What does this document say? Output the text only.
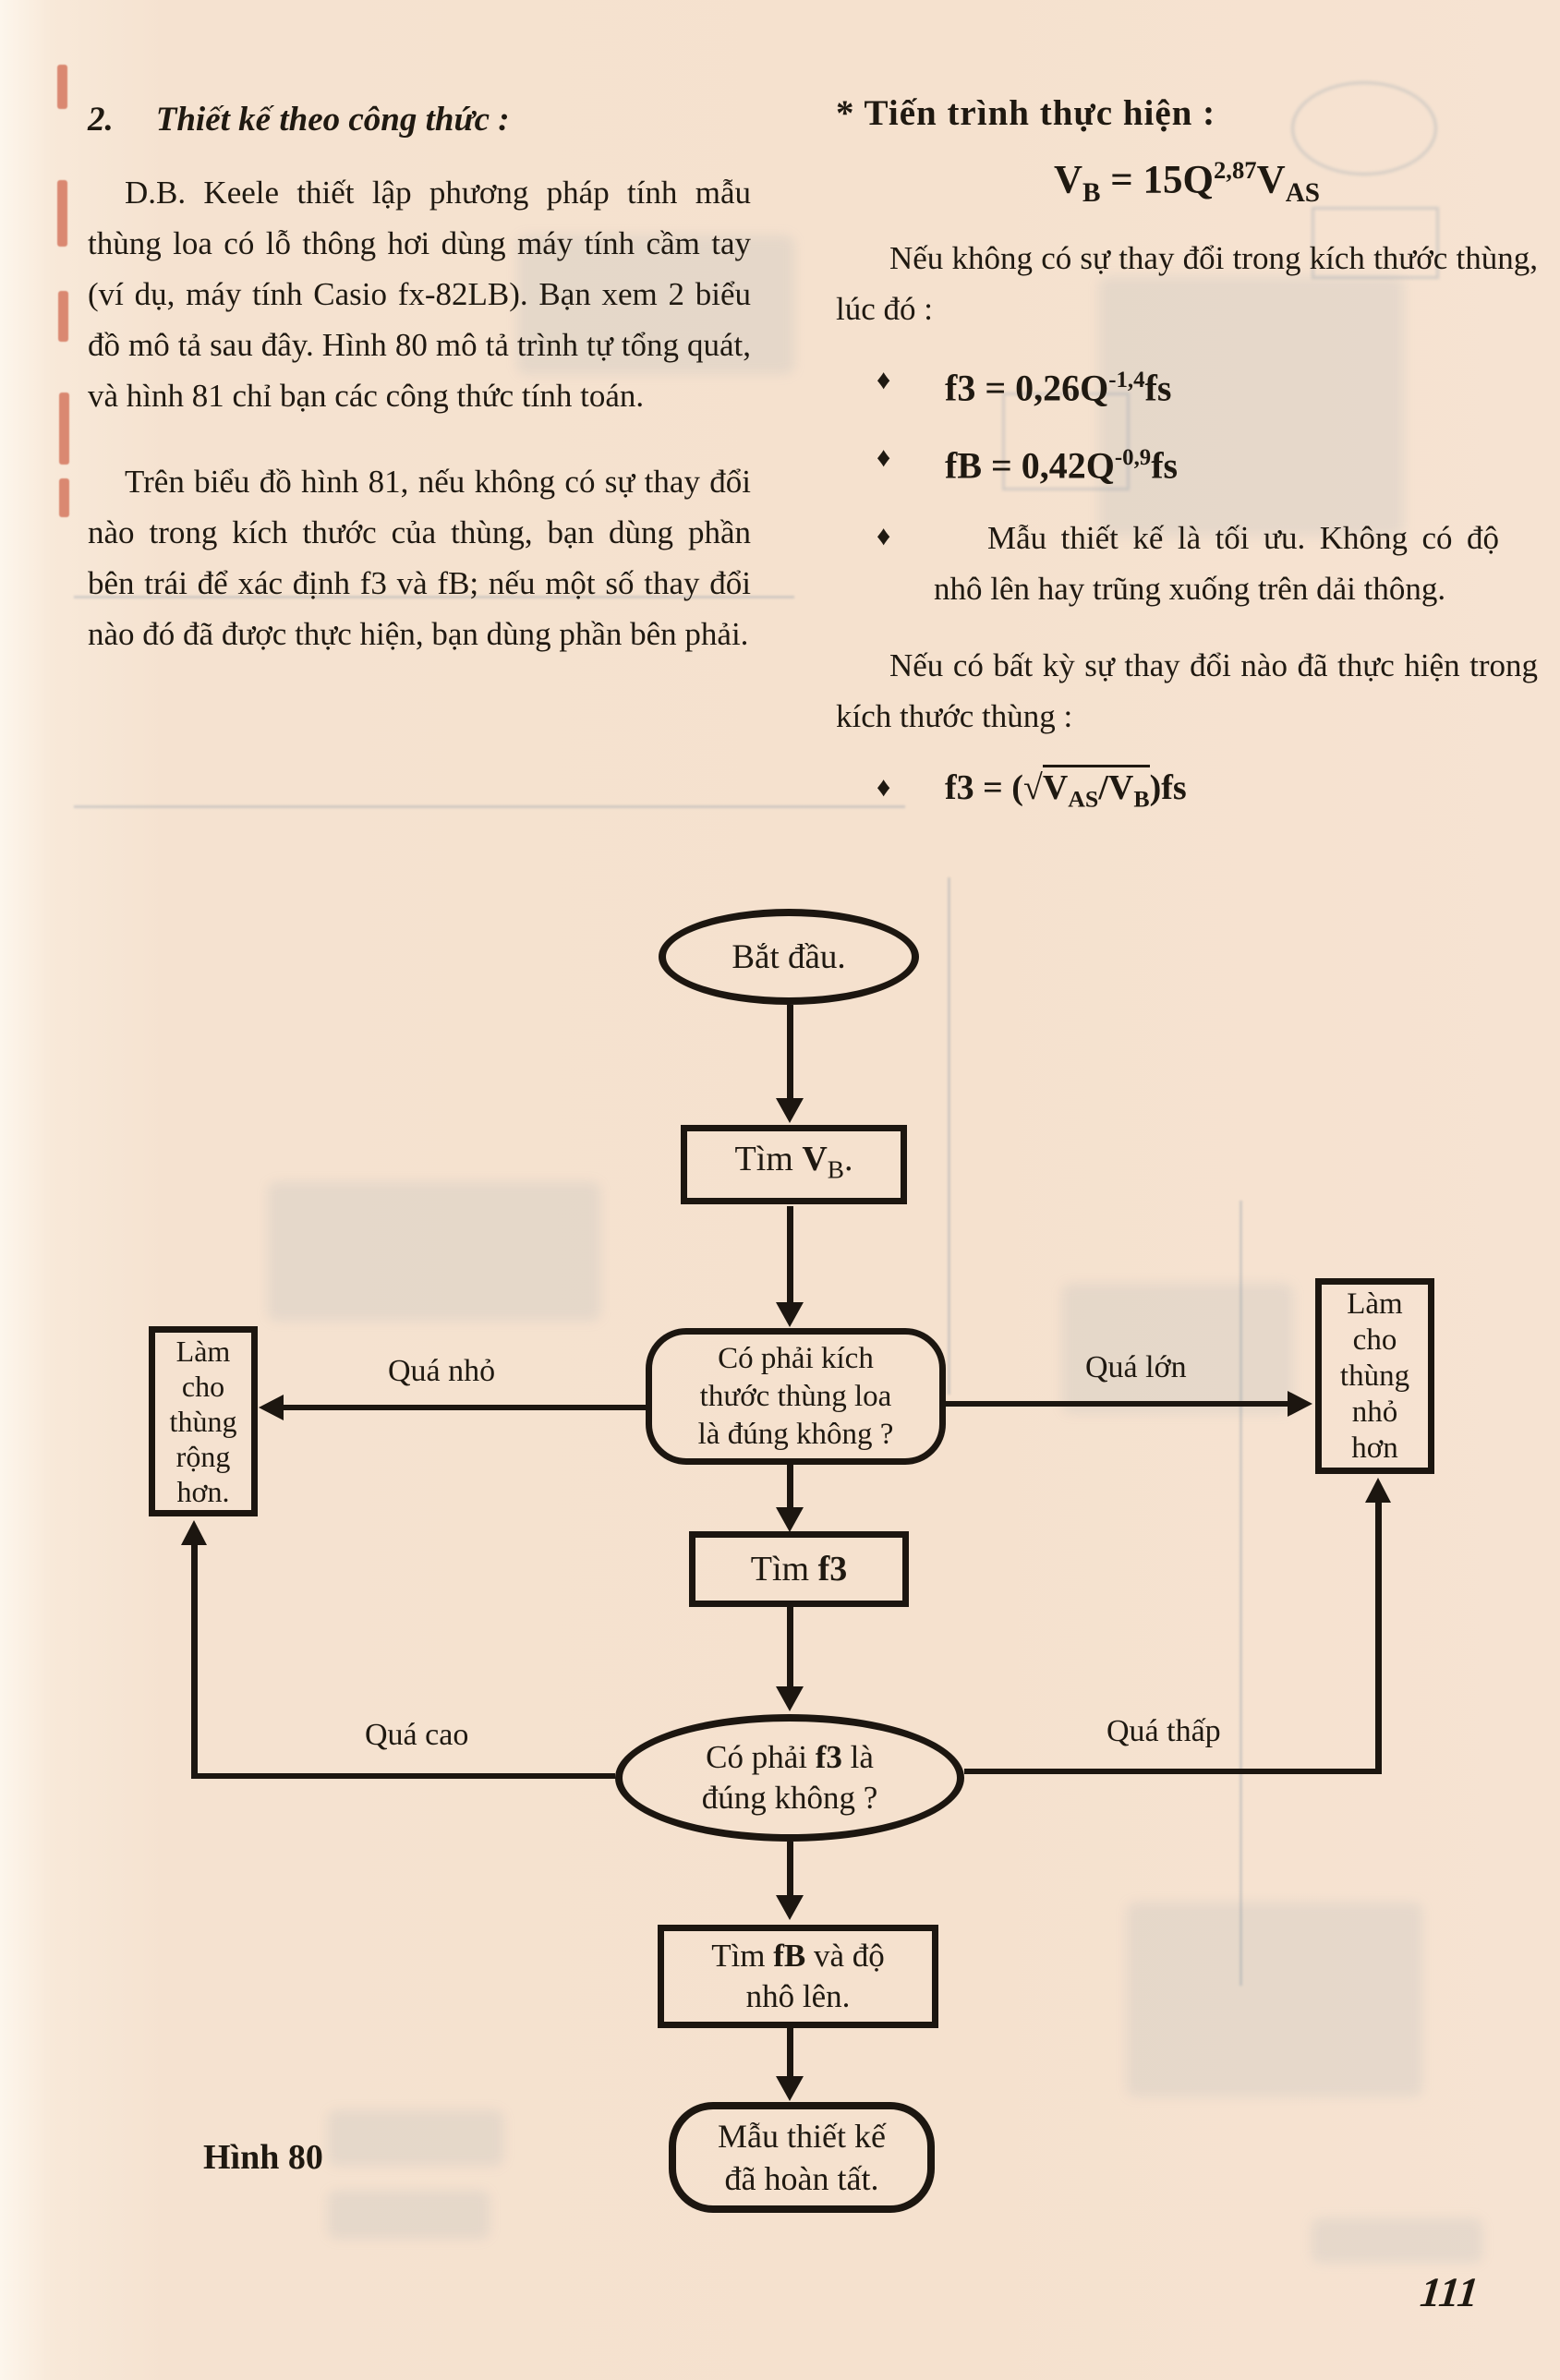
2. Thiết kế theo công thức :

D.B. Keele thiết lập phương pháp tính mẫu thùng loa có lỗ thông hơi dùng máy tính cầm tay (ví dụ, máy tính Casio fx-82LB). Bạn xem 2 biểu đồ mô tả sau đây. Hình 80 mô tả trình tự tổng quát, và hình 81 chỉ bạn các công thức tính toán.

Trên biểu đồ hình 81, nếu không có sự thay đổi nào trong kích thước của thùng, bạn dùng phần bên trái để xác định f3 và fB; nếu một số thay đổi nào đó đã được thực hiện, bạn dùng phần bên phải.

* Tiến trình thực hiện :
$V_B = 15Q^{2,87}V_{AS}$

Nếu không có sự thay đổi trong kích thước thùng, lúc đó :

♦	$f3 = 0,26Q^{-1,4}fs$
♦	fB = $0,42Q^{-0,9}fs$
♦	Mẫu thiết kế là tối ưu. Không có độ nhô lên hay trũng xuống trên dải thông.

Nếu có bất kỳ sự thay đổi nào đã thực hiện trong kích thước thùng :

♦	$f3 = (√V_{AS}/V_B)fs$
Bắt đầu.
Tìm $V_B$.
Có phải kích
thước thùng loa
là đúng không ?
Quá nhỏ	Quá lớn
Làm
cho
thùng
rộng
hơn.
Làm
cho
thùng
nhỏ
hơn
Tìm f3
Có phải f3 là
đúng không ?
Quá cao	Quá thấp
Tìm fB và độ
nhô lên.
Mẫu thiết kế
đã hoàn tất.
Hình 80
111
